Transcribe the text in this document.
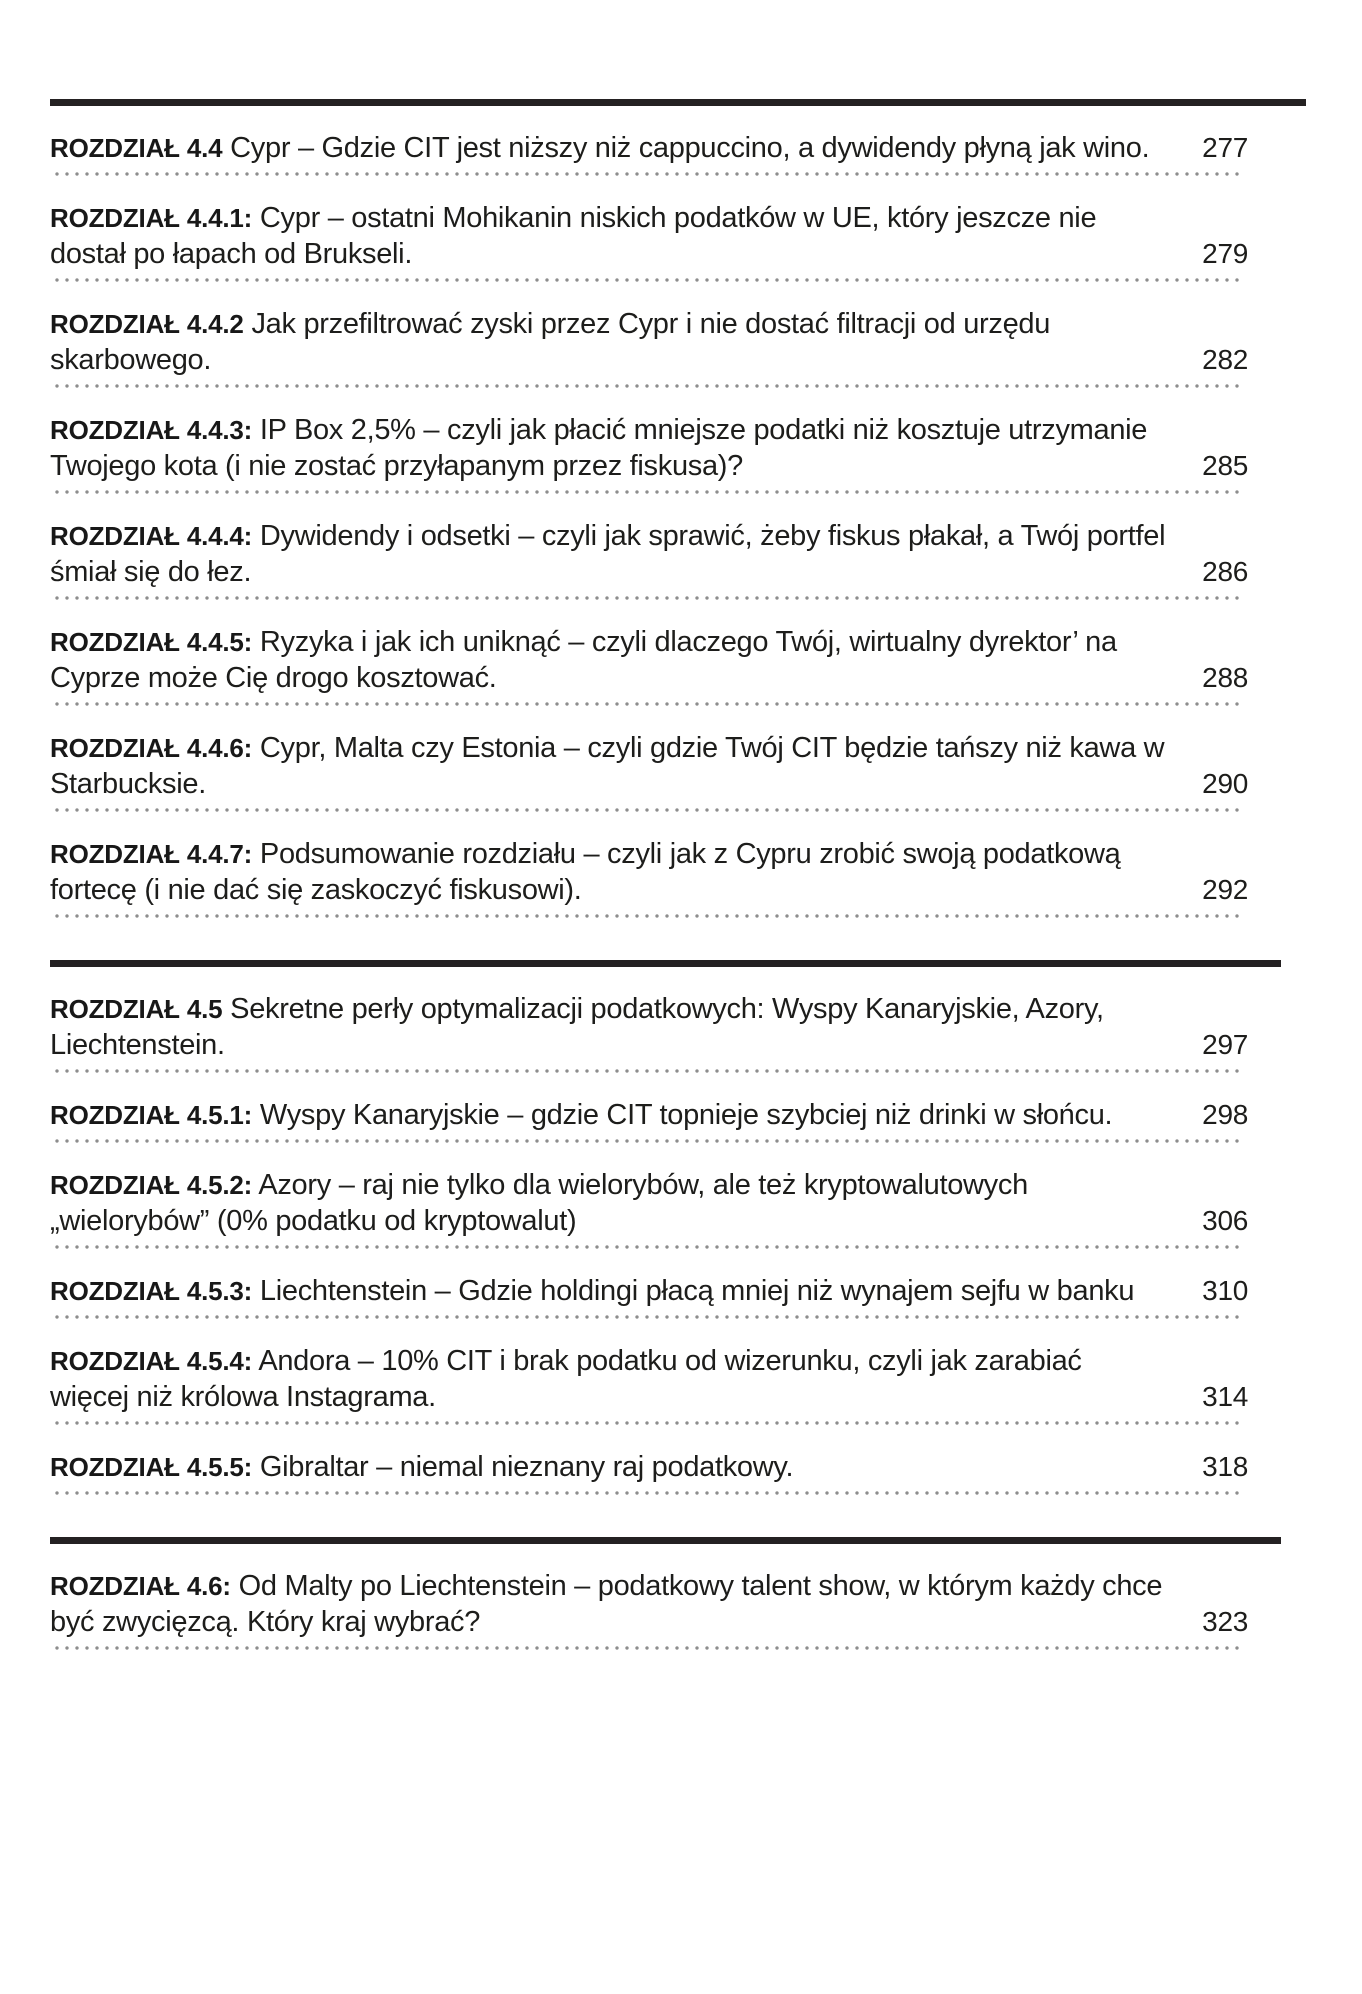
ROZDZIAŁ 4.4 Cypr – Gdzie CIT jest niższy niż cappuccino, a dywidendy płyną jak wino.	277
ROZDZIAŁ 4.4.1: Cypr – ostatni Mohikanin niskich podatków w UE, który jeszcze nie dostał po łapach od Brukseli.	279
ROZDZIAŁ 4.4.2 Jak przefiltrować zyski przez Cypr i nie dostać filtracji od urzędu skarbowego.	282
ROZDZIAŁ 4.4.3: IP Box 2,5% – czyli jak płacić mniejsze podatki niż kosztuje utrzymanie Twojego kota (i nie zostać przyłapanym przez fiskusa)?	285
ROZDZIAŁ 4.4.4: Dywidendy i odsetki – czyli jak sprawić, żeby fiskus płakał, a Twój portfel śmiał się do łez.	286
ROZDZIAŁ 4.4.5: Ryzyka i jak ich uniknąć – czyli dlaczego Twój, wirtualny dyrektor’ na Cyprze może Cię drogo kosztować.	288
ROZDZIAŁ 4.4.6: Cypr, Malta czy Estonia – czyli gdzie Twój CIT będzie tańszy niż kawa w Starbucksie.	290
ROZDZIAŁ 4.4.7: Podsumowanie rozdziału – czyli jak z Cypru zrobić swoją podatkową fortecę (i nie dać się zaskoczyć fiskusowi).	292
ROZDZIAŁ 4.5 Sekretne perły optymalizacji podatkowych: Wyspy Kanaryjskie, Azory, Liechtenstein.	297
ROZDZIAŁ 4.5.1: Wyspy Kanaryjskie – gdzie CIT topnieje szybciej niż drinki w słońcu.	298
ROZDZIAŁ 4.5.2: Azory – raj nie tylko dla wielorybów, ale też kryptowalutowych „wielorybów” (0% podatku od kryptowalut)	306
ROZDZIAŁ 4.5.3: Liechtenstein – Gdzie holdingi płacą mniej niż wynajem sejfu w banku	310
ROZDZIAŁ 4.5.4: Andora – 10% CIT i brak podatku od wizerunku, czyli jak zarabiać więcej niż królowa Instagrama.	314
ROZDZIAŁ 4.5.5: Gibraltar – niemal nieznany raj podatkowy.	318
ROZDZIAŁ 4.6: Od Malty po Liechtenstein – podatkowy talent show, w którym każdy chce być zwycięzcą. Który kraj wybrać?	323
